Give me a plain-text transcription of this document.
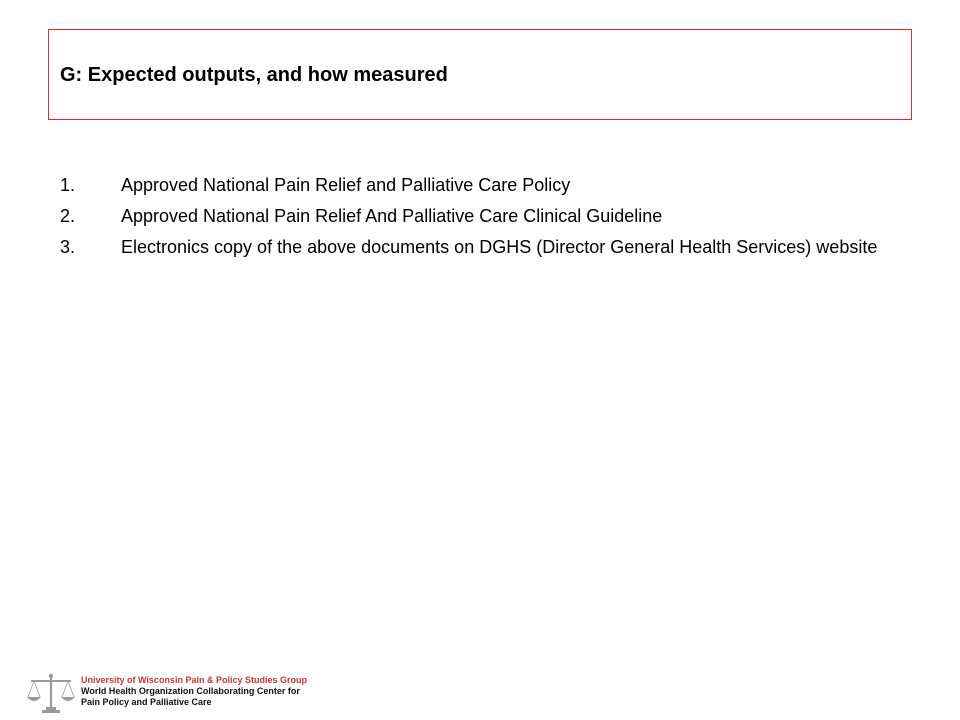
G: Expected outputs, and how measured
1.	Approved National Pain Relief and Palliative Care Policy
2.	Approved National Pain Relief And Palliative Care Clinical Guideline
3.	Electronics copy of the above documents on DGHS (Director General Health Services) website
University of Wisconsin Pain & Policy Studies Group
World Health Organization Collaborating Center for
Pain Policy and Palliative Care
